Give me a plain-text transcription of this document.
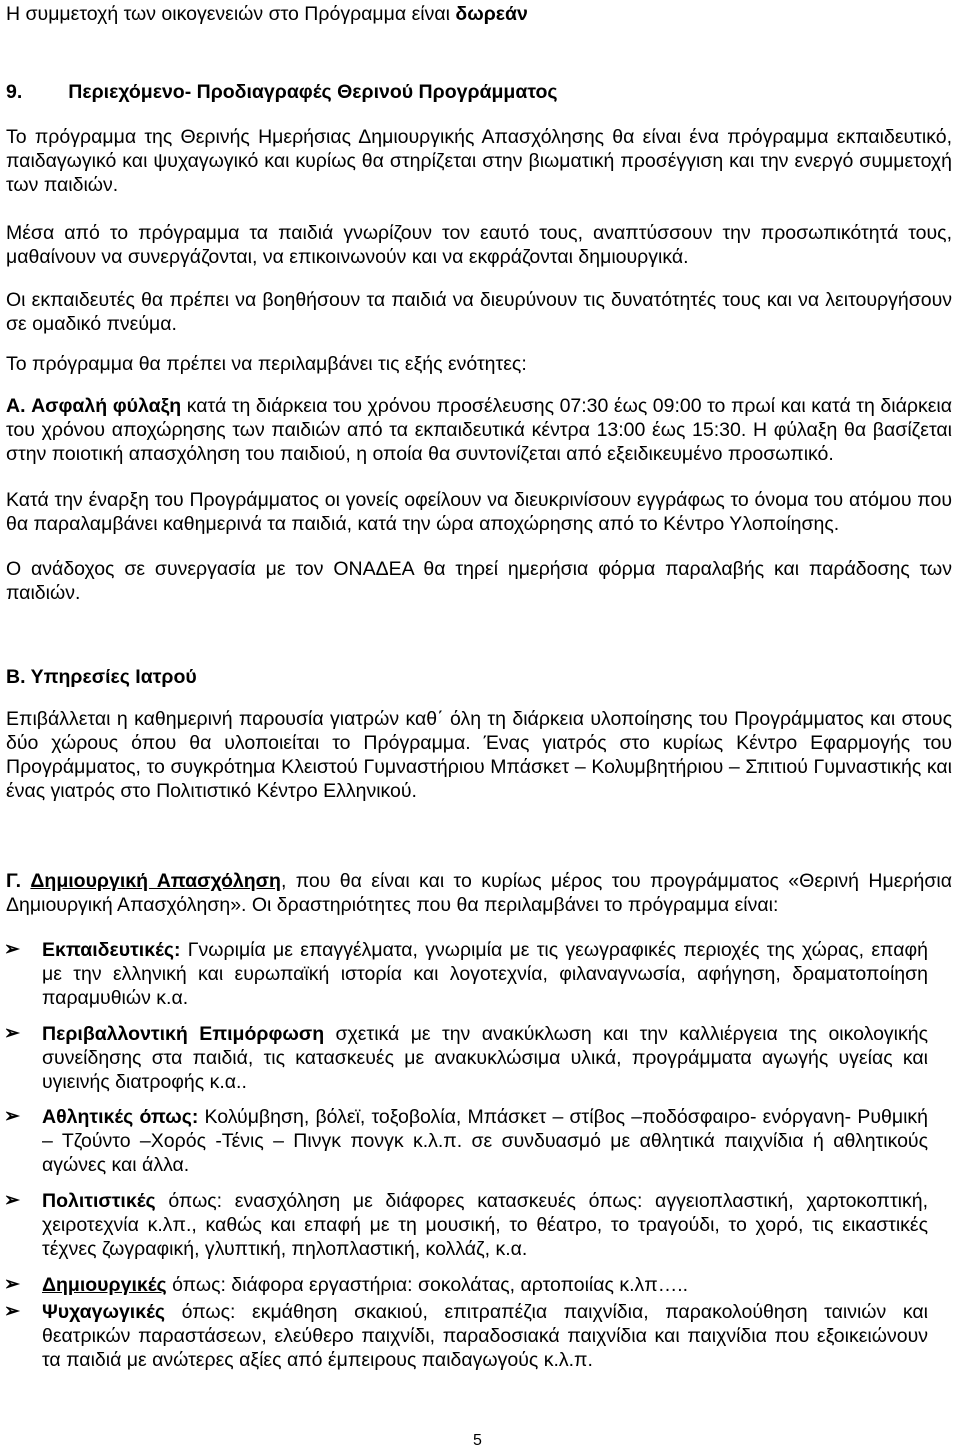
Η συμμετοχή των οικογενειών στο Πρόγραμμα είναι δωρεάν

9. Περιεχόμενο- Προδιαγραφές Θερινού Προγράμματος

Το πρόγραμμα της Θερινής Ημερήσιας Δημιουργικής Απασχόλησης θα είναι ένα πρόγραμμα εκπαιδευτικό, παιδαγωγικό και ψυχαγωγικό και κυρίως θα στηρίζεται στην βιωματική προσέγγιση και την ενεργό συμμετοχή των παιδιών.

Μέσα από το πρόγραμμα τα παιδιά γνωρίζουν τον εαυτό τους, αναπτύσσουν την προσωπικότητά τους, μαθαίνουν να συνεργάζονται, να επικοινωνούν και να εκφράζονται δημιουργικά.

Οι εκπαιδευτές θα πρέπει να βοηθήσουν τα παιδιά να διευρύνουν τις δυνατότητές τους και να λειτουργήσουν σε ομαδικό πνεύμα.

Το πρόγραμμα θα πρέπει να περιλαμβάνει τις εξής ενότητες:

Α. Ασφαλή φύλαξη κατά τη διάρκεια του χρόνου προσέλευσης 07:30 έως 09:00 το πρωί και κατά τη διάρκεια του χρόνου αποχώρησης των παιδιών από τα εκπαιδευτικά κέντρα 13:00 έως 15:30. Η φύλαξη θα βασίζεται στην ποιοτική απασχόληση του παιδιού, η οποία θα συντονίζεται από εξειδικευμένο προσωπικό.

Κατά την έναρξη του Προγράμματος οι γονείς οφείλουν να διευκρινίσουν εγγράφως το όνομα του ατόμου που θα παραλαμβάνει καθημερινά τα παιδιά, κατά την ώρα αποχώρησης από το Κέντρο Υλοποίησης.

Ο ανάδοχος σε συνεργασία με τον ΟΝΑΔΕΑ θα τηρεί ημερήσια φόρμα παραλαβής και παράδοσης των παιδιών.

Β. Υπηρεσίες Ιατρού

Επιβάλλεται η καθημερινή παρουσία γιατρών καθ΄ όλη τη διάρκεια υλοποίησης του Προγράμματος και στους δύο χώρους όπου θα υλοποιείται το Πρόγραμμα. Ένας γιατρός στο κυρίως Κέντρο Εφαρμογής του Προγράμματος, το συγκρότημα Κλειστού Γυμναστήριου Μπάσκετ – Κολυμβητήριου – Σπιτιού Γυμναστικής και ένας γιατρός στο Πολιτιστικό Κέντρο Ελληνικού.

Γ. Δημιουργική Απασχόληση, που θα είναι και το κυρίως μέρος του προγράμματος «Θερινή Ημερήσια Δημιουργική Απασχόληση». Οι δραστηριότητες που θα περιλαμβάνει το πρόγραμμα είναι:

➢ Εκπαιδευτικές: Γνωριμία με επαγγέλματα, γνωριμία με τις γεωγραφικές περιοχές της χώρας, επαφή με την ελληνική και ευρωπαϊκή ιστορία και λογοτεχνία, φιλαναγνωσία, αφήγηση, δραματοποίηση παραμυθιών κ.α.

➢ Περιβαλλοντική Επιμόρφωση σχετικά με την ανακύκλωση και την καλλιέργεια της οικολογικής συνείδησης στα παιδιά, τις κατασκευές με ανακυκλώσιμα υλικά, προγράμματα αγωγής υγείας και υγιεινής διατροφής κ.α..

➢ Αθλητικές όπως: Κολύμβηση, βόλεϊ, τοξοβολία, Μπάσκετ – στίβος –ποδόσφαιρο- ενόργανη- Ρυθμική – Τζούντο –Χορός -Τένις – Πινγκ πονγκ κ.λ.π. σε συνδυασμό με αθλητικά παιχνίδια ή αθλητικούς αγώνες και άλλα.

➢ Πολιτιστικές όπως: ενασχόληση με διάφορες κατασκευές όπως: αγγειοπλαστική, χαρτοκοπτική, χειροτεχνία κ.λπ., καθώς και επαφή με τη μουσική, το θέατρο, το τραγούδι, το χορό, τις εικαστικές τέχνες ζωγραφική, γλυπτική, πηλοπλαστική, κολλάζ, κ.α.

➢ Δημιουργικές όπως: διάφορα εργαστήρια: σοκολάτας, αρτοποιίας κ.λπ…..

➢ Ψυχαγωγικές όπως: εκμάθηση σκακιού, επιτραπέζια παιχνίδια, παρακολούθηση ταινιών και θεατρικών παραστάσεων, ελεύθερο παιχνίδι, παραδοσιακά παιχνίδια και παιχνίδια που εξοικειώνουν τα παιδιά με ανώτερες αξίες από έμπειρους παιδαγωγούς κ.λ.π.

5
